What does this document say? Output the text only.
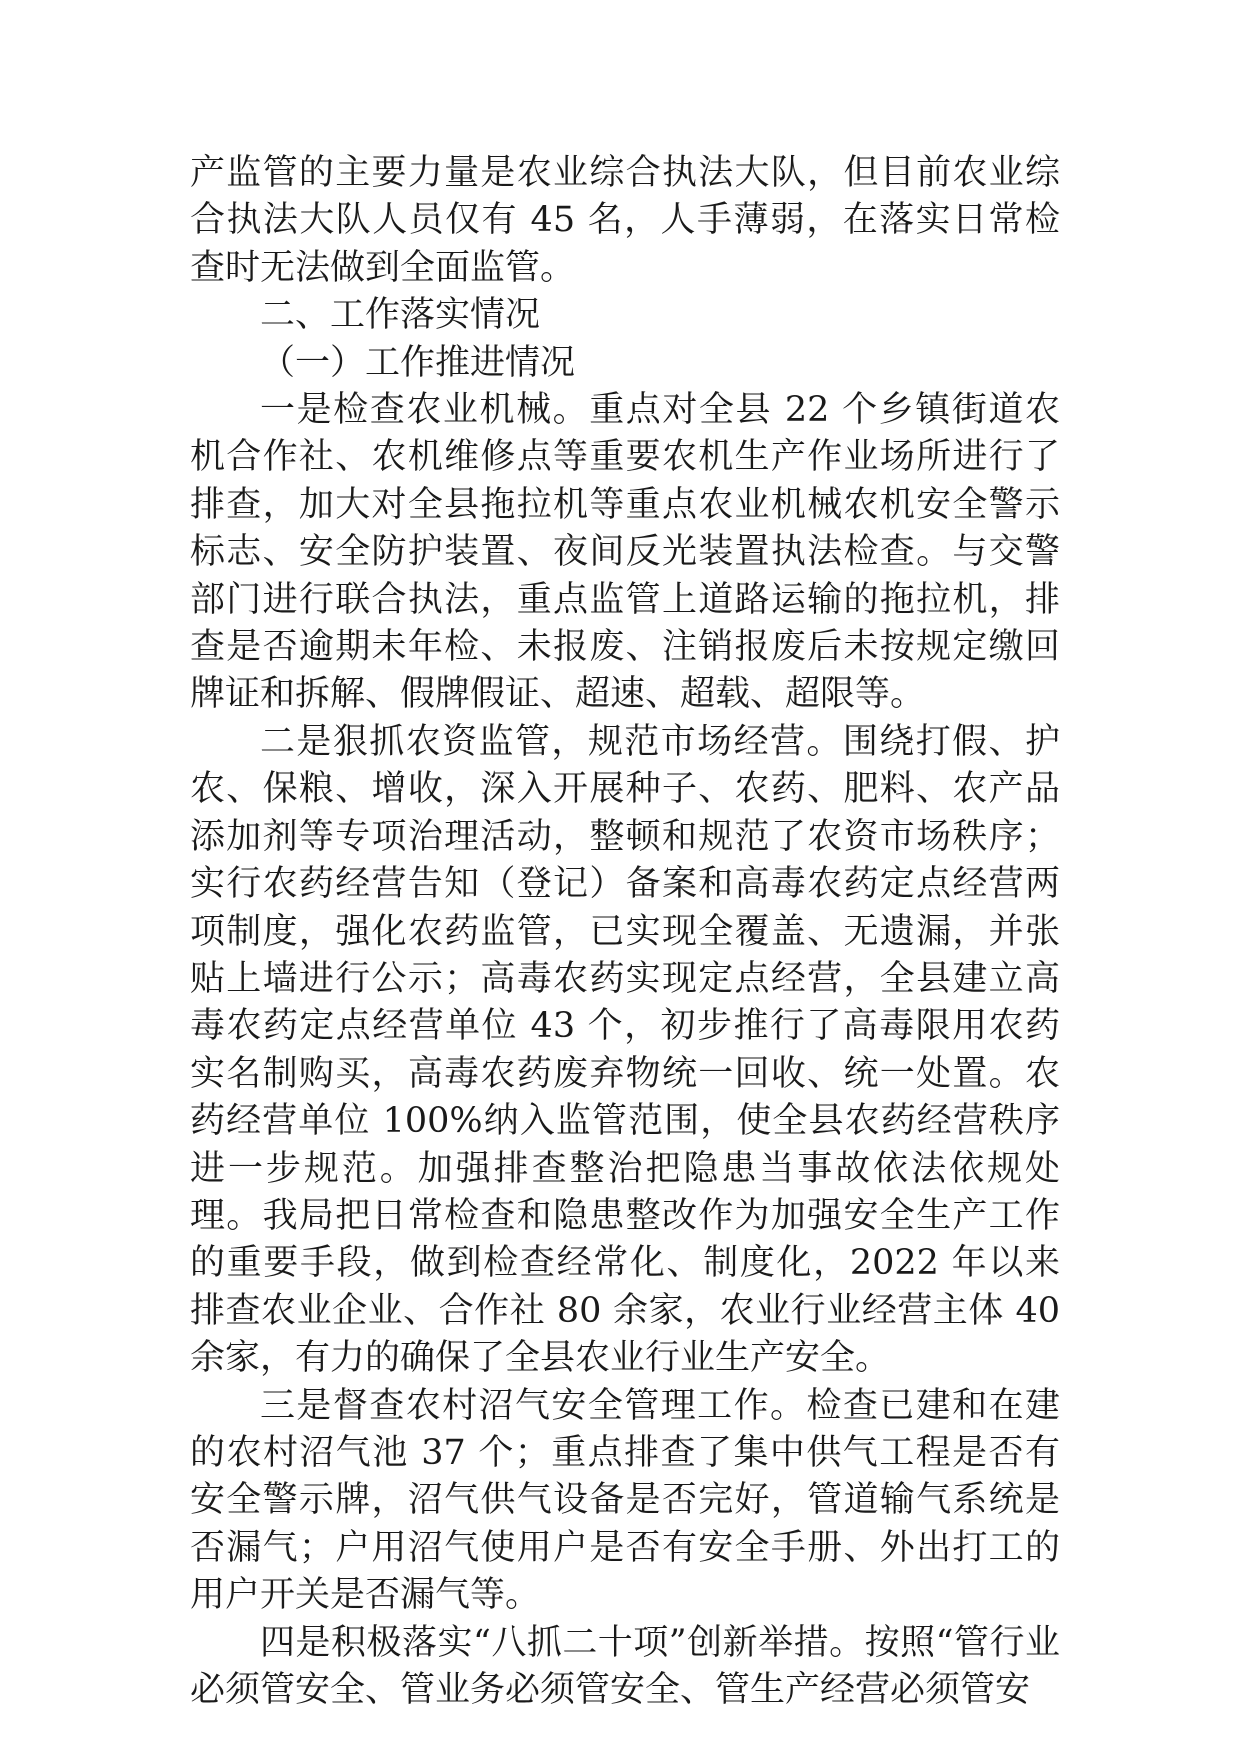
产监管的主要力量是农业综合执法大队，但目前农业综合执法大队人员仅有 45 名，人手薄弱，在落实日常检查时无法做到全面监管。

二、工作落实情况

（一）工作推进情况

一是检查农业机械。重点对全县 22 个乡镇街道农机合作社、农机维修点等重要农机生产作业场所进行了排查，加大对全县拖拉机等重点农业机械农机安全警示标志、安全防护装置、夜间反光装置执法检查。与交警部门进行联合执法，重点监管上道路运输的拖拉机，排查是否逾期未年检、未报废、注销报废后未按规定缴回牌证和拆解、假牌假证、超速、超载、超限等。

二是狠抓农资监管，规范市场经营。围绕打假、护农、保粮、增收，深入开展种子、农药、肥料、农产品添加剂等专项治理活动，整顿和规范了农资市场秩序；实行农药经营告知（登记）备案和高毒农药定点经营两项制度，强化农药监管，已实现全覆盖、无遗漏，并张贴上墙进行公示；高毒农药实现定点经营，全县建立高毒农药定点经营单位 43 个，初步推行了高毒限用农药实名制购买，高毒农药废弃物统一回收、统一处置。农药经营单位 100%纳入监管范围，使全县农药经营秩序进一步规范。加强排查整治把隐患当事故依法依规处理。我局把日常检查和隐患整改作为加强安全生产工作的重要手段，做到检查经常化、制度化，2022 年以来排查农业企业、合作社 80 余家，农业行业经营主体 40 余家，有力的确保了全县农业行业生产安全。

三是督查农村沼气安全管理工作。检查已建和在建的农村沼气池 37 个；重点排查了集中供气工程是否有安全警示牌，沼气供气设备是否完好，管道输气系统是否漏气；户用沼气使用户是否有安全手册、外出打工的用户开关是否漏气等。

四是积极落实“八抓二十项”创新举措。按照“管行业必须管安全、管业务必须管安全、管生产经营必须管安
